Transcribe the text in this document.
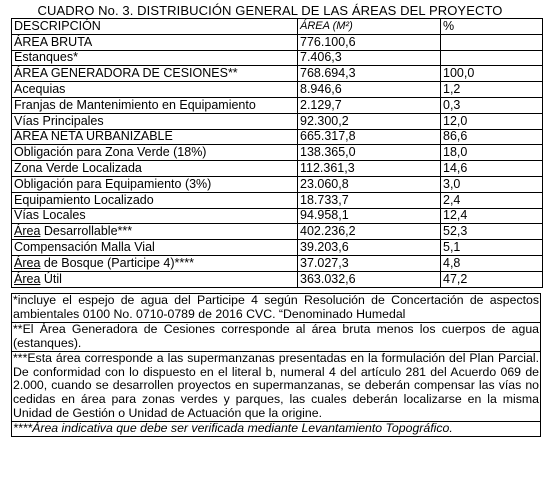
CUADRO No. 3. DISTRIBUCIÓN GENERAL DE LAS ÁREAS DEL PROYECTO
DESCRIPCIÓN	ÁREA (M²)	%
ÁREA BRUTA	776.100,6	
Estanques*	7.406,3	
ÁREA GENERADORA DE CESIONES**	768.694,3	100,0
Acequias	8.946,6	1,2
Franjas de Mantenimiento en Equipamiento	2.129,7	0,3
Vías Principales	92.300,2	12,0
ÁREA NETA URBANIZABLE	665.317,8	86,6
Obligación para Zona Verde (18%)	138.365,0	18,0
Zona Verde Localizada	112.361,3	14,6
Obligación para Equipamiento (3%)	23.060,8	3,0
Equipamiento Localizado	18.733,7	2,4
Vías Locales	94.958,1	12,4
Área Desarrollable***	402.236,2	52,3
Compensación Malla Vial	39.203,6	5,1
Área de Bosque (Participe 4)****	37.027,3	4,8
Área Útil	363.032,6	47,2
*incluye el espejo de agua del Participe 4 según Resolución de Concertación de aspectos ambientales 0100 No. 0710-0789 de 2016 CVC. “Denominado Humedal
**El Área Generadora de Cesiones corresponde al área bruta menos los cuerpos de agua (estanques).
***Esta área corresponde a las supermanzanas presentadas en la formulación del Plan Parcial. De conformidad con lo dispuesto en el literal b, numeral 4 del artículo 281 del Acuerdo 069 de 2.000, cuando se desarrollen proyectos en supermanzanas, se deberán compensar las vías no cedidas en área para zonas verdes y parques, las cuales deberán localizarse en la misma Unidad de Gestión o Unidad de Actuación que la origine.
****Área indicativa que debe ser verificada mediante Levantamiento Topográfico.
